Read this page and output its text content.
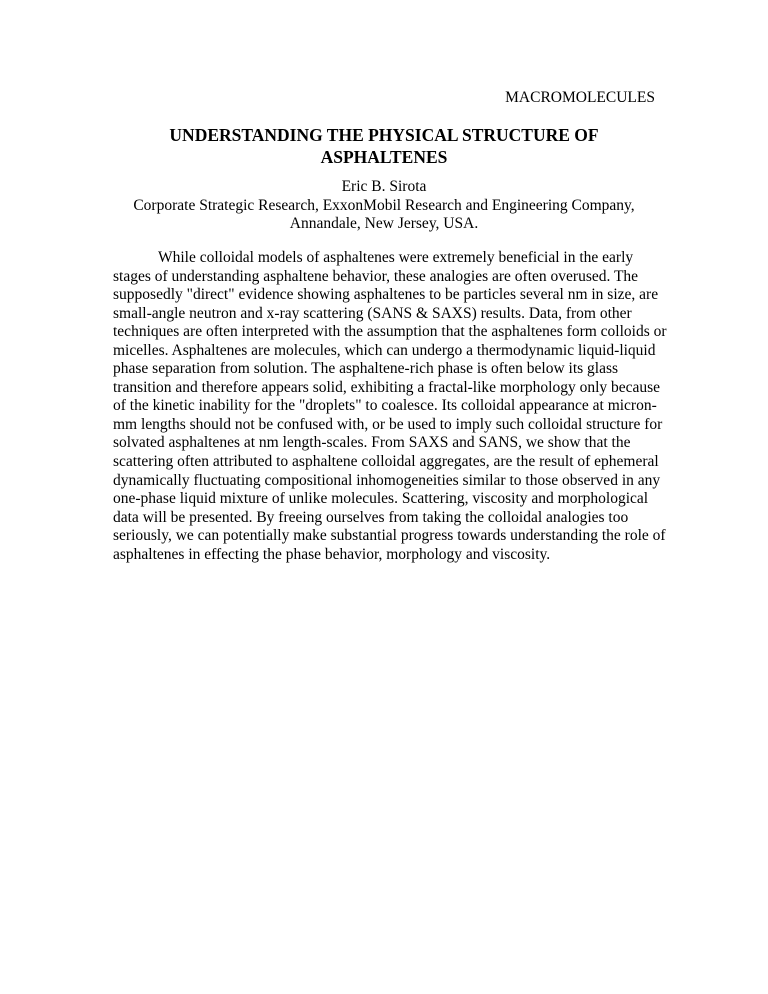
MACROMOLECULES
UNDERSTANDING THE PHYSICAL STRUCTURE OF
ASPHALTENES
Eric B. Sirota
Corporate Strategic Research, ExxonMobil Research and Engineering Company,
Annandale, New Jersey, USA.
While colloidal models of asphaltenes were extremely beneficial in the early
stages of understanding asphaltene behavior, these analogies are often overused. The
supposedly "direct" evidence showing asphaltenes to be particles several nm in size, are
small-angle neutron and x-ray scattering (SANS & SAXS) results. Data, from other
techniques are often interpreted with the assumption that the asphaltenes form colloids or
micelles. Asphaltenes are molecules, which can undergo a thermodynamic liquid-liquid
phase separation from solution. The asphaltene-rich phase is often below its glass
transition and therefore appears solid, exhibiting a fractal-like morphology only because
of the kinetic inability for the "droplets" to coalesce. Its colloidal appearance at micron-
mm lengths should not be confused with, or be used to imply such colloidal structure for
solvated asphaltenes at nm length-scales. From SAXS and SANS, we show that the
scattering often attributed to asphaltene colloidal aggregates, are the result of ephemeral
dynamically fluctuating compositional inhomogeneities similar to those observed in any
one-phase liquid mixture of unlike molecules. Scattering, viscosity and morphological
data will be presented. By freeing ourselves from taking the colloidal analogies too
seriously, we can potentially make substantial progress towards understanding the role of
asphaltenes in effecting the phase behavior, morphology and viscosity.
